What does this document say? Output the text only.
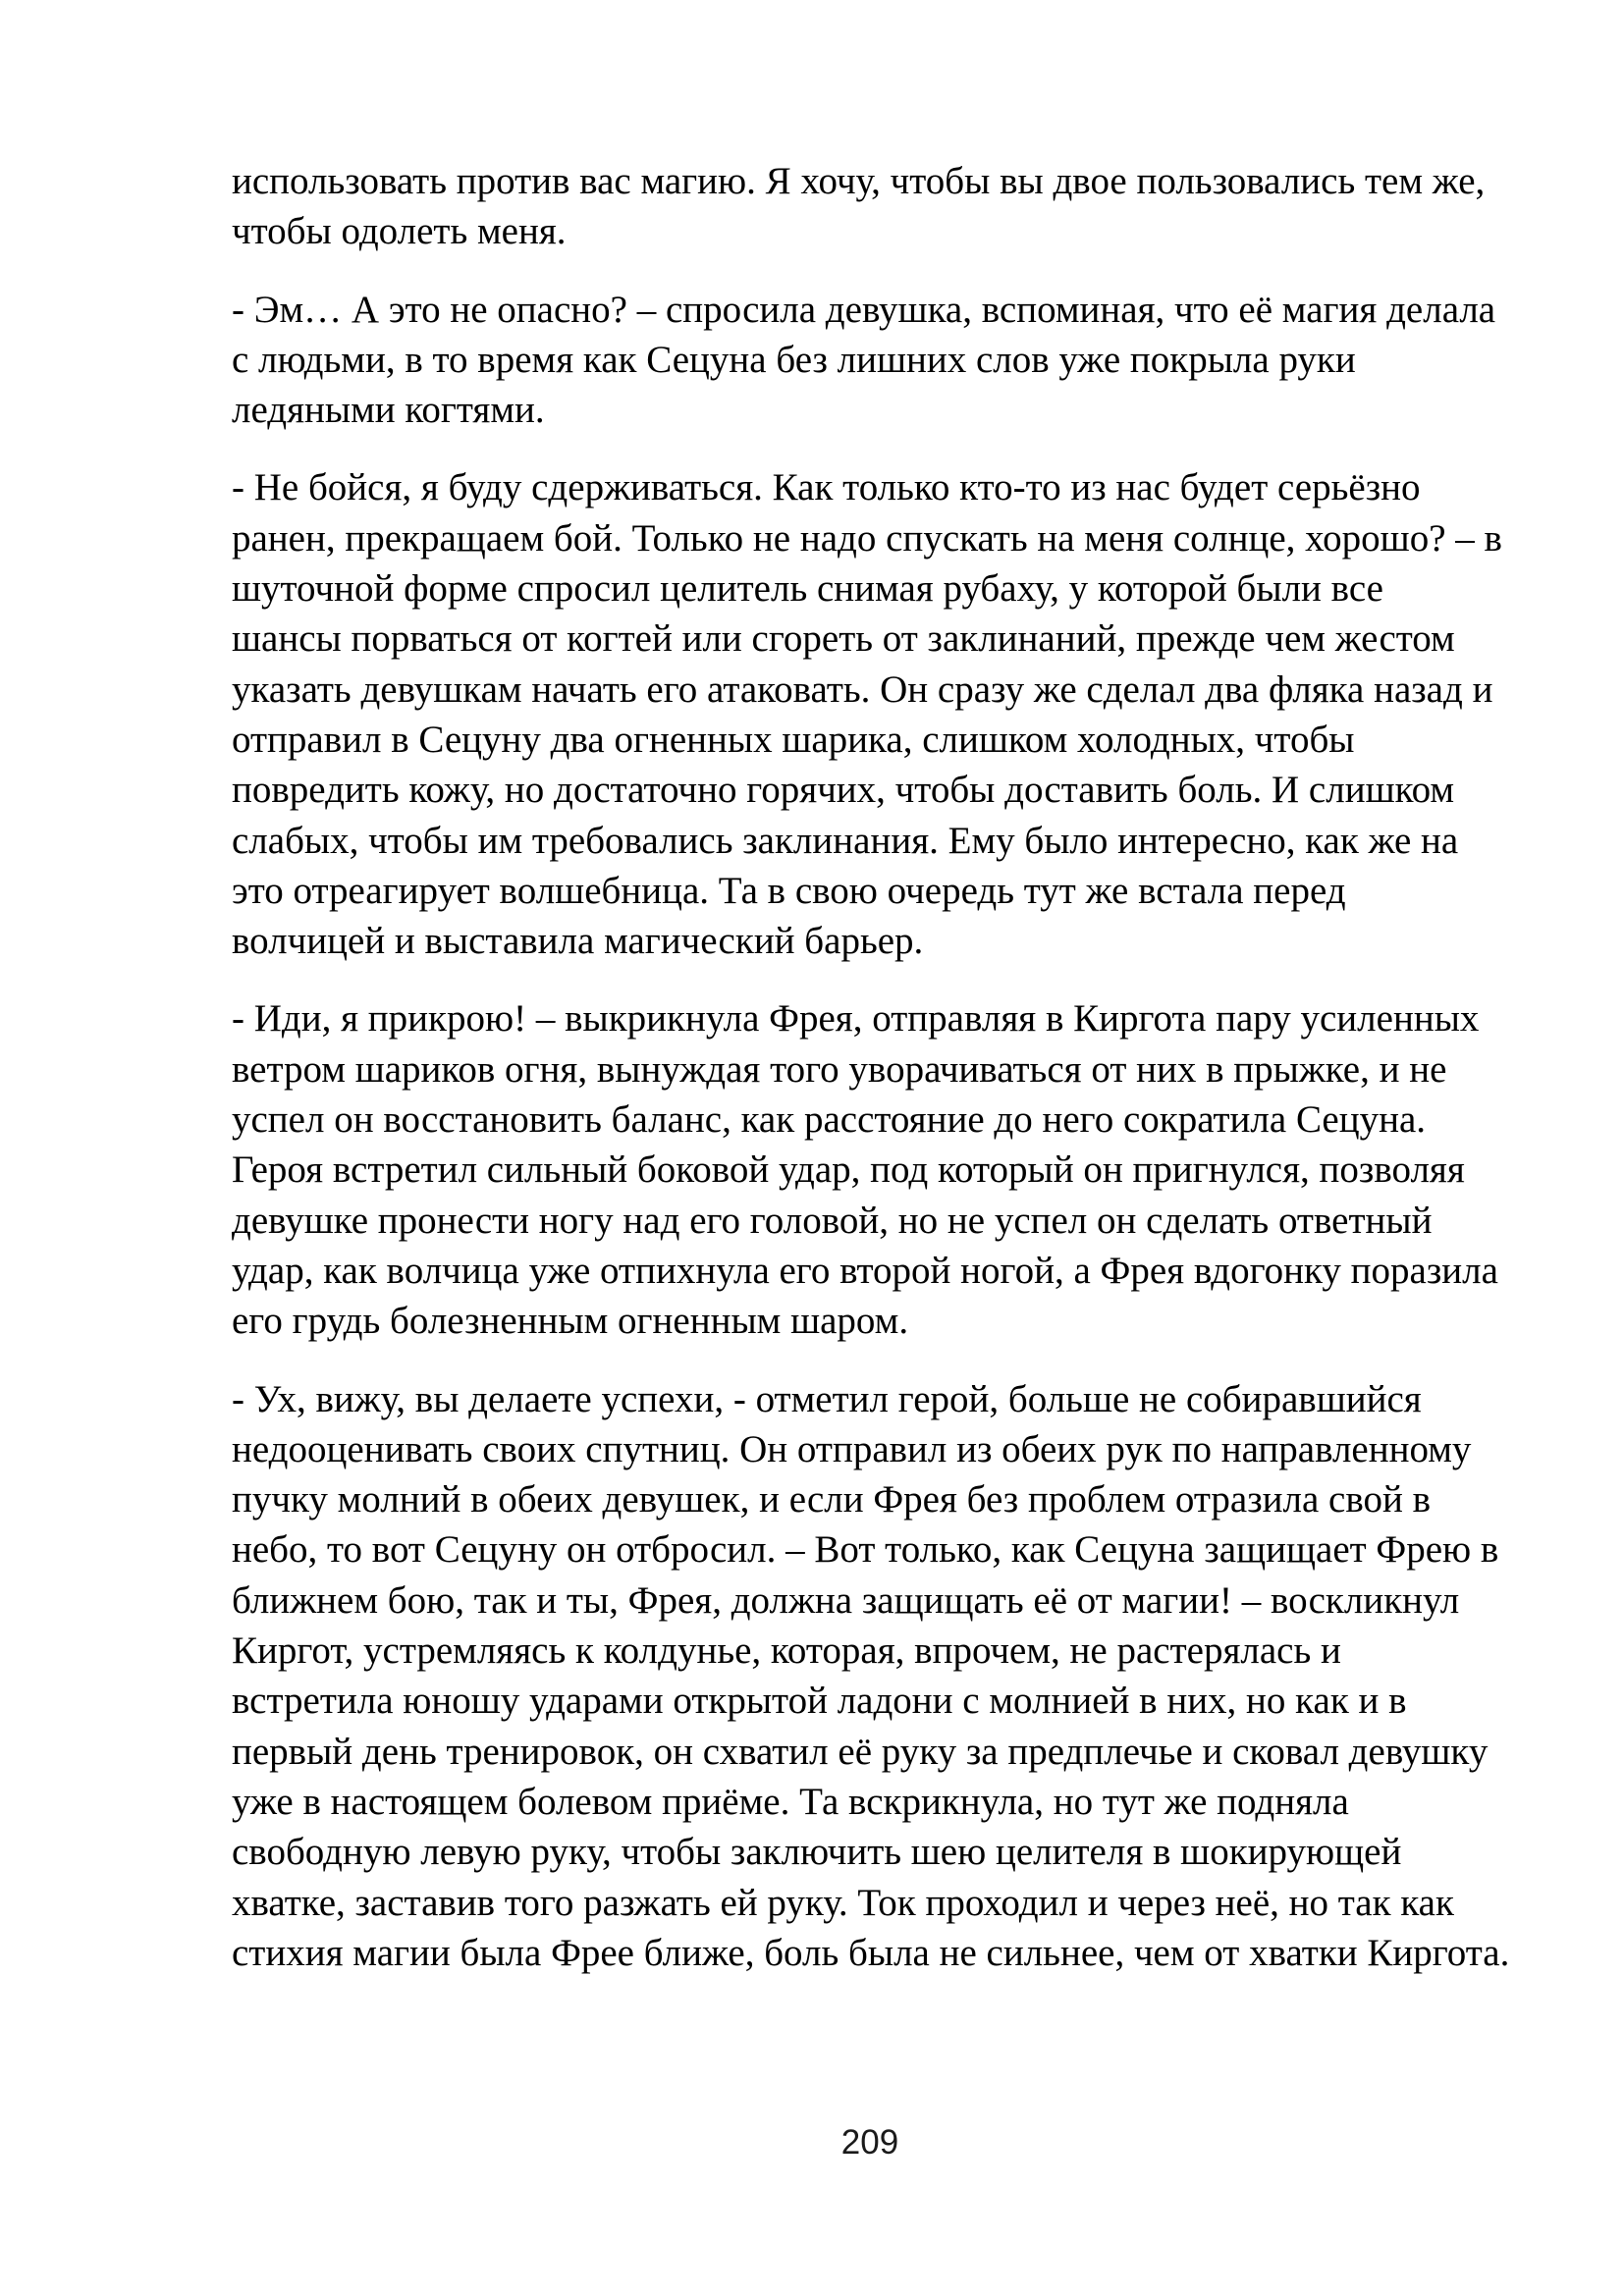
использовать против вас магию. Я хочу, чтобы вы двое пользовались тем же,
чтобы одолеть меня.
- Эм… А это не опасно? – спросила девушка, вспоминая, что её магия делала
с людьми, в то время как Сецуна без лишних слов уже покрыла руки
ледяными когтями.
- Не бойся, я буду сдерживаться. Как только кто-то из нас будет серьёзно
ранен, прекращаем бой. Только не надо спускать на меня солнце, хорошо? – в
шуточной форме спросил целитель снимая рубаху, у которой были все
шансы порваться от когтей или сгореть от заклинаний, прежде чем жестом
указать девушкам начать его атаковать. Он сразу же сделал два фляка назад и
отправил в Сецуну два огненных шарика, слишком холодных, чтобы
повредить кожу, но достаточно горячих, чтобы доставить боль. И слишком
слабых, чтобы им требовались заклинания. Ему было интересно, как же на
это отреагирует волшебница. Та в свою очередь тут же встала перед
волчицей и выставила магический барьер.
- Иди, я прикрою! – выкрикнула Фрея, отправляя в Киргота пару усиленных
ветром шариков огня, вынуждая того уворачиваться от них в прыжке, и не
успел он восстановить баланс, как расстояние до него сократила Сецуна.
Героя встретил сильный боковой удар, под который он пригнулся, позволяя
девушке пронести ногу над его головой, но не успел он сделать ответный
удар, как волчица уже отпихнула его второй ногой, а Фрея вдогонку поразила
его грудь болезненным огненным шаром.
- Ух, вижу, вы делаете успехи, - отметил герой, больше не собиравшийся
недооценивать своих спутниц. Он отправил из обеих рук по направленному
пучку молний в обеих девушек, и если Фрея без проблем отразила свой в
небо, то вот Сецуну он отбросил. – Вот только, как Сецуна защищает Фрею в
ближнем бою, так и ты, Фрея, должна защищать её от магии! – воскликнул
Киргот, устремляясь к колдунье, которая, впрочем, не растерялась и
встретила юношу ударами открытой ладони с молнией в них, но как и в
первый день тренировок, он схватил её руку за предплечье и сковал девушку
уже в настоящем болевом приёме. Та вскрикнула, но тут же подняла
свободную левую руку, чтобы заключить шею целителя в шокирующей
хватке, заставив того разжать ей руку. Ток проходил и через неё, но так как
стихия магии была Фрее ближе, боль была не сильнее, чем от хватки Киргота.
209
